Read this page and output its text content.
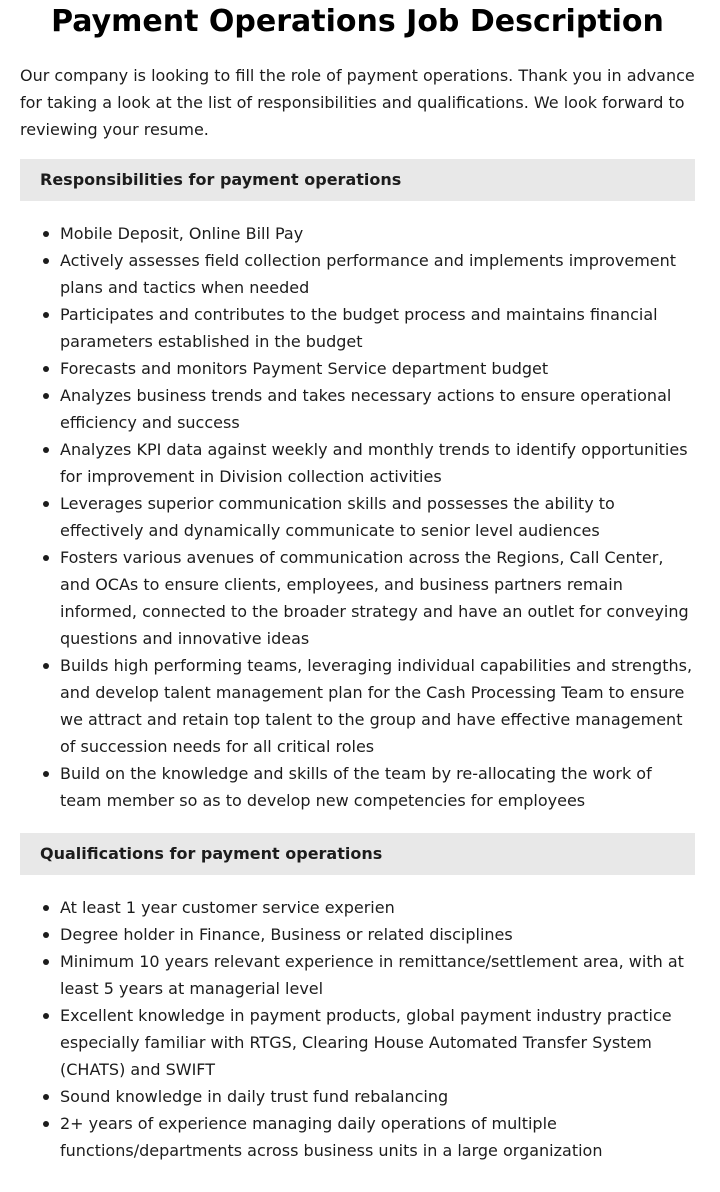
Payment Operations Job Description

Our company is looking to fill the role of payment operations. Thank you in advance for taking a look at the list of responsibilities and qualifications. We look forward to reviewing your resume.

Responsibilities for payment operations
Mobile Deposit, Online Bill Pay
Actively assesses field collection performance and implements improvement plans and tactics when needed
Participates and contributes to the budget process and maintains financial parameters established in the budget
Forecasts and monitors Payment Service department budget
Analyzes business trends and takes necessary actions to ensure operational efficiency and success
Analyzes KPI data against weekly and monthly trends to identify opportunities for improvement in Division collection activities
Leverages superior communication skills and possesses the ability to effectively and dynamically communicate to senior level audiences
Fosters various avenues of communication across the Regions, Call Center, and OCAs to ensure clients, employees, and business partners remain informed, connected to the broader strategy and have an outlet for conveying questions and innovative ideas
Builds high performing teams, leveraging individual capabilities and strengths, and develop talent management plan for the Cash Processing Team to ensure we attract and retain top talent to the group and have effective management of succession needs for all critical roles
Build on the knowledge and skills of the team by re-allocating the work of team member so as to develop new competencies for employees
Qualifications for payment operations
At least 1 year customer service experien
Degree holder in Finance, Business or related disciplines
Minimum 10 years relevant experience in remittance/settlement area, with at least 5 years at managerial level
Excellent knowledge in payment products, global payment industry practice especially familiar with RTGS, Clearing House Automated Transfer System (CHATS) and SWIFT
Sound knowledge in daily trust fund rebalancing
2+ years of experience managing daily operations of multiple functions/departments across business units in a large organization
